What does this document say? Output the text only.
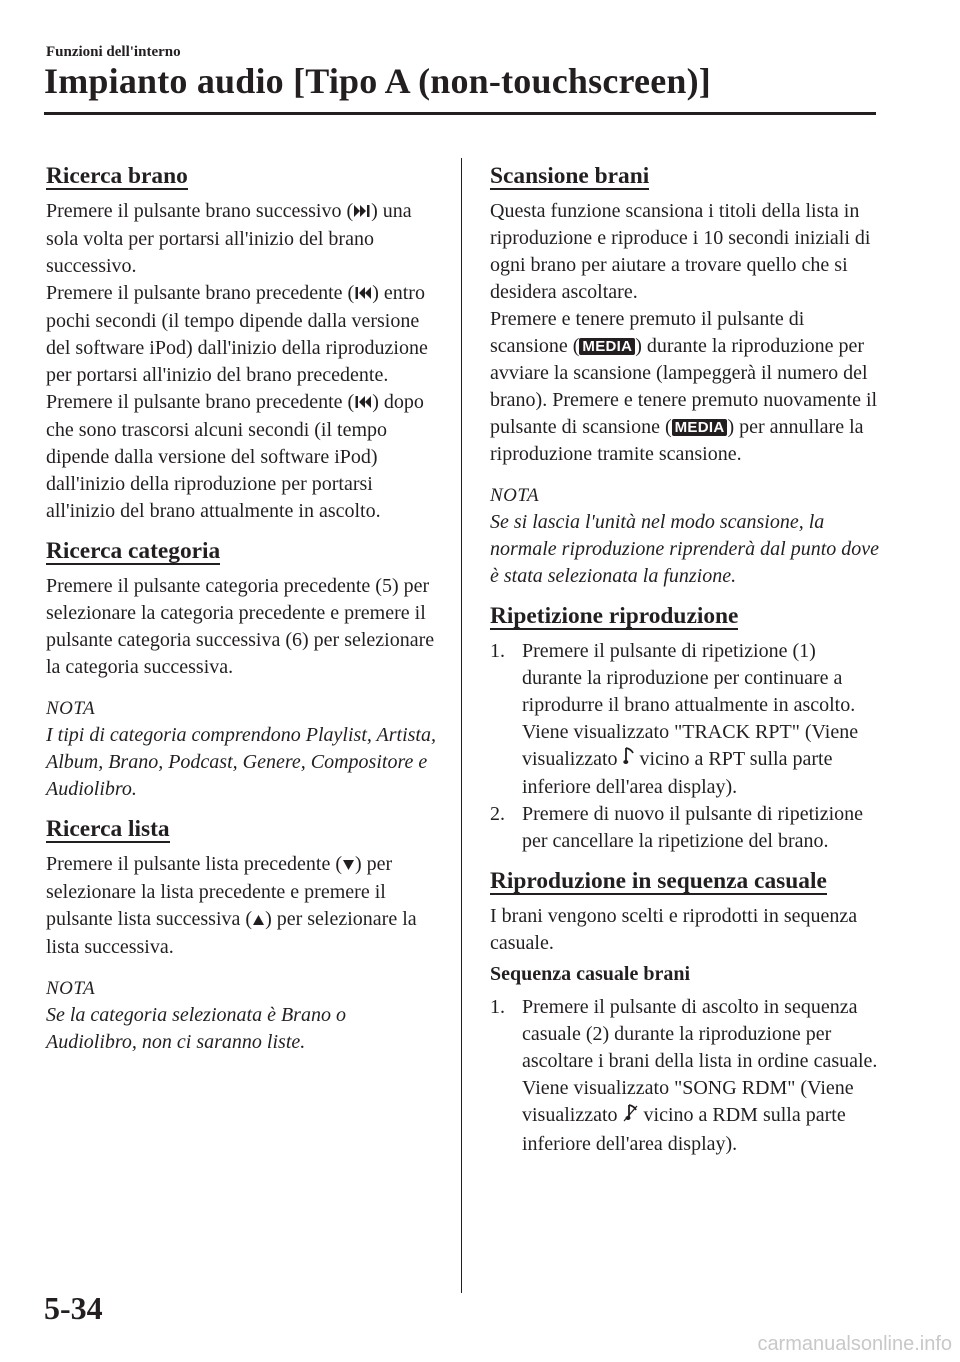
Funzioni dell'interno
Impianto audio [Tipo A (non-touchscreen)]
Ricerca brano

Premere il pulsante brano successivo ( ) una sola volta per portarsi all'inizio del brano successivo.

Premere il pulsante brano precedente ( ) entro pochi secondi (il tempo dipende dalla versione del software iPod) dall'inizio della riproduzione per portarsi all'inizio del brano precedente.

Premere il pulsante brano precedente ( ) dopo che sono trascorsi alcuni secondi (il tempo dipende dalla versione del software iPod) dall'inizio della riproduzione per portarsi all'inizio del brano attualmente in ascolto.

Ricerca categoria

Premere il pulsante categoria precedente (5) per selezionare la categoria precedente e premere il pulsante categoria successiva (6) per selezionare la categoria successiva.

NOTA

I tipi di categoria comprendono Playlist, Artista, Album, Brano, Podcast, Genere, Compositore e Audiolibro.

Ricerca lista

Premere il pulsante lista precedente ( ) per selezionare la lista precedente e premere il pulsante lista successiva ( ) per selezionare la lista successiva.

NOTA

Se la categoria selezionata è Brano o Audiolibro, non ci saranno liste.

Scansione brani

Questa funzione scansiona i titoli della lista in riproduzione e riproduce i 10 secondi iniziali di ogni brano per aiutare a trovare quello che si desidera ascoltare.

Premere e tenere premuto il pulsante di scansione ( MEDIA ) durante la riproduzione per avviare la scansione (lampeggerà il numero del brano). Premere e tenere premuto nuovamente il pulsante di scansione ( MEDIA ) per annullare la riproduzione tramite scansione.

NOTA

Se si lascia l'unità nel modo scansione, la normale riproduzione riprenderà dal punto dove è stata selezionata la funzione.

Ripetizione riproduzione
1. Premere il pulsante di ripetizione (1) durante la riproduzione per continuare a riprodurre il brano attualmente in ascolto. Viene visualizzato "TRACK RPT" (Viene visualizzato  vicino a RPT sulla parte inferiore dell'area display).
2. Premere di nuovo il pulsante di ripetizione per cancellare la ripetizione del brano.
Riproduzione in sequenza casuale

I brani vengono scelti e riprodotti in sequenza casuale.

Sequenza casuale brani

1. Premere il pulsante di ascolto in sequenza casuale (2) durante la riproduzione per ascoltare i brani della lista in ordine casuale. Viene visualizzato "SONG RDM" (Viene visualizzato  vicino a RDM sulla parte inferiore dell'area display).
5-34
carmanualsonline.info
